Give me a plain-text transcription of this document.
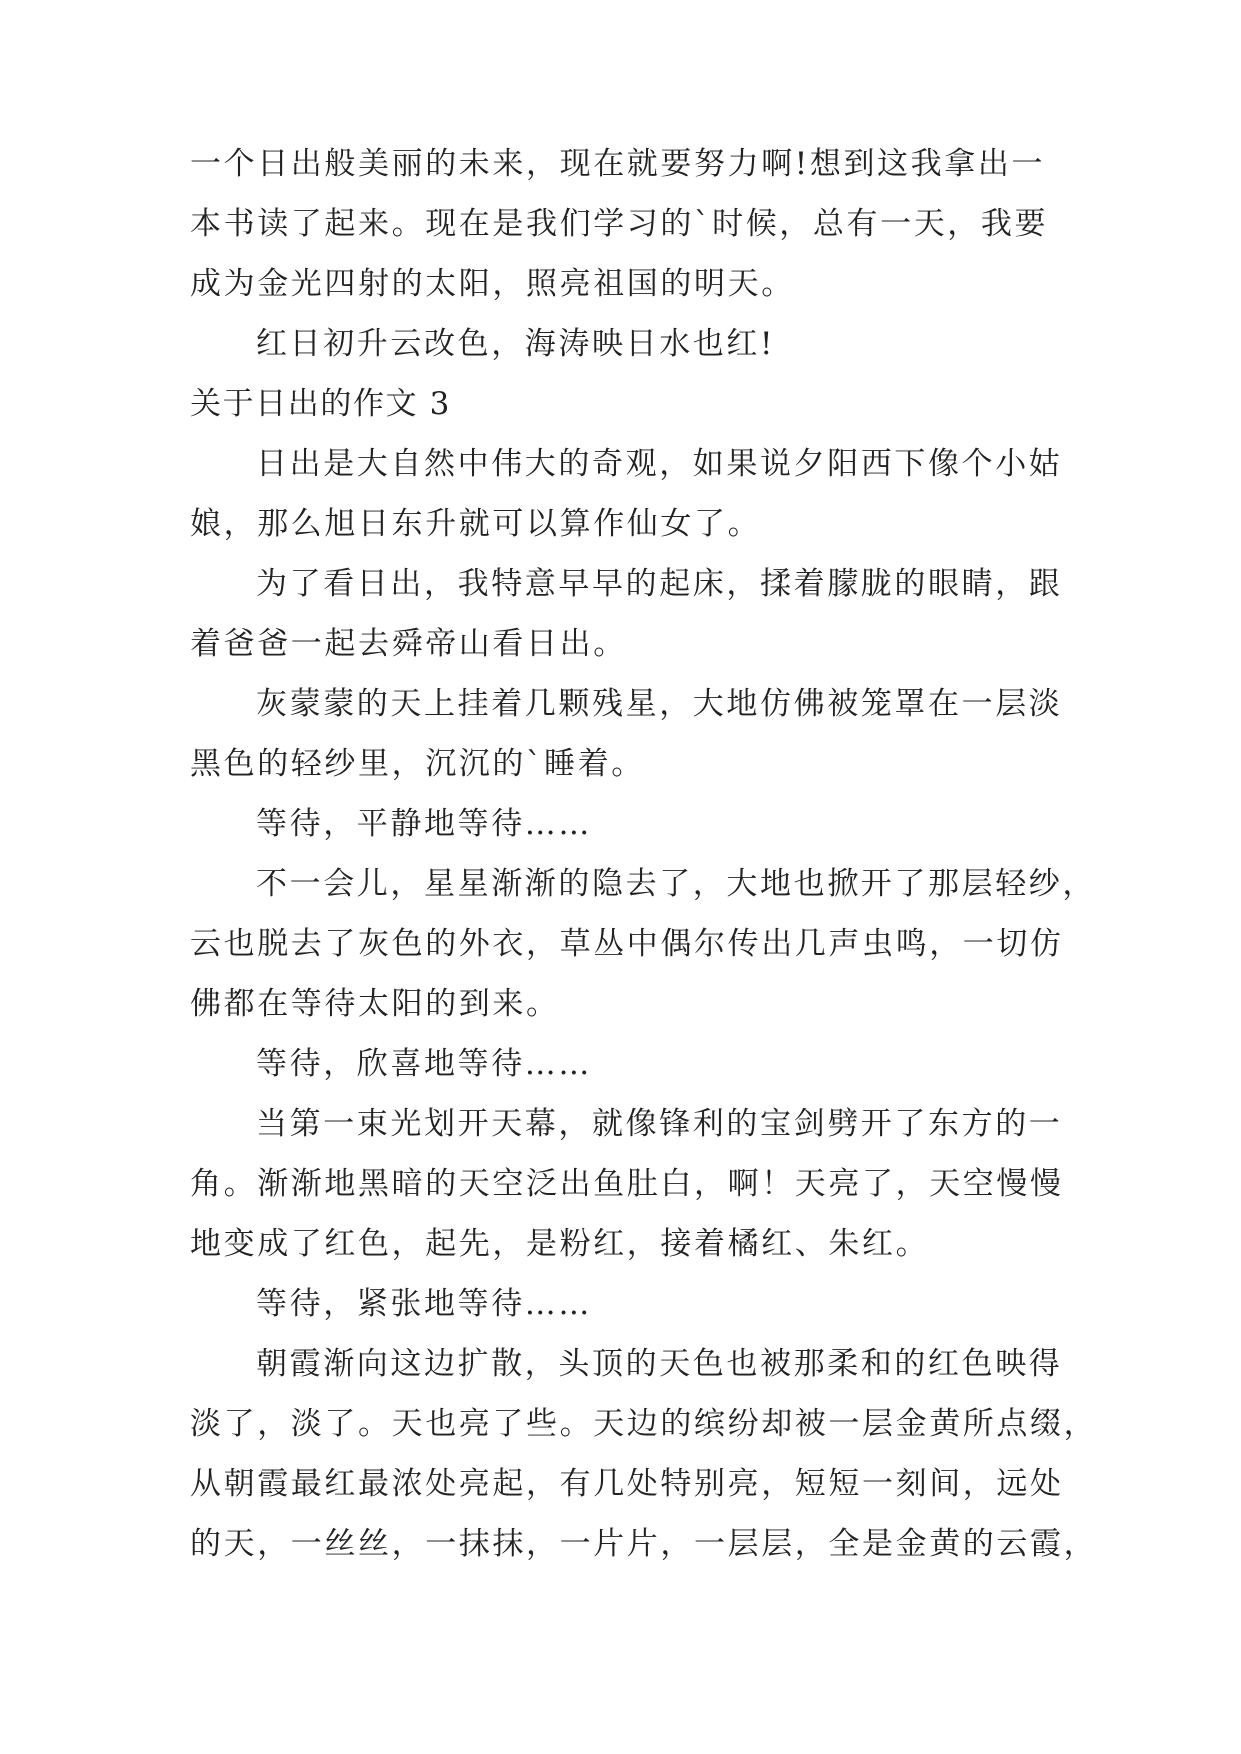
一个日出般美丽的未来，现在就要努力啊!想到这我拿出一
本书读了起来。现在是我们学习的`时候，总有一天，我要
成为金光四射的太阳，照亮祖国的明天。
红日初升云改色，海涛映日水也红!
关于日出的作文 3
日出是大自然中伟大的奇观，如果说夕阳西下像个小姑
娘，那么旭日东升就可以算作仙女了。
为了看日出，我特意早早的起床，揉着朦胧的眼睛，跟
着爸爸一起去舜帝山看日出。
灰蒙蒙的天上挂着几颗残星，大地仿佛被笼罩在一层淡
黑色的轻纱里，沉沉的`睡着。
等待，平静地等待……
不一会儿，星星渐渐的隐去了，大地也掀开了那层轻纱，
云也脱去了灰色的外衣，草丛中偶尔传出几声虫鸣，一切仿
佛都在等待太阳的到来。
等待，欣喜地等待……
当第一束光划开天幕，就像锋利的宝剑劈开了东方的一
角。渐渐地黑暗的天空泛出鱼肚白，啊！天亮了，天空慢慢
地变成了红色，起先，是粉红，接着橘红、朱红。
等待，紧张地等待……
朝霞渐向这边扩散，头顶的天色也被那柔和的红色映得
淡了，淡了。天也亮了些。天边的缤纷却被一层金黄所点缀，
从朝霞最红最浓处亮起，有几处特别亮，短短一刻间，远处
的天，一丝丝，一抹抹，一片片，一层层，全是金黄的云霞，
